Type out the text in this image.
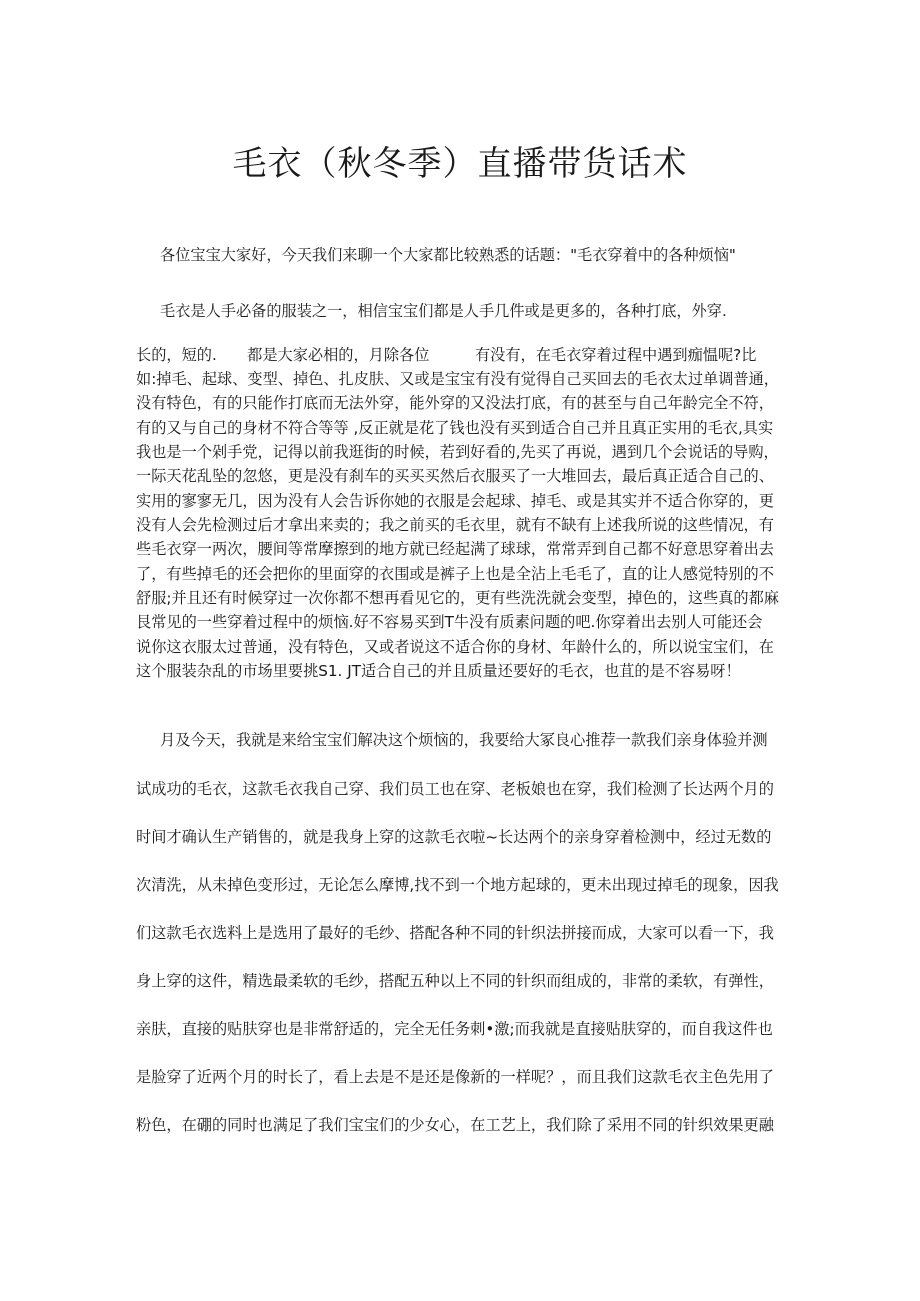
毛衣（秋冬季）直播带货话术
各位宝宝大家好，今天我们来聊一个大家都比较熟悉的话题："毛衣穿着中的各种烦恼"
毛衣是人手必备的服装之一，相信宝宝们都是人手几件或是更多的，各种打底，外穿.
长的，短的.　　都是大家必相的，月除各位　　　有没有，在毛衣穿着过程中遇到痂愠呢?比
如:掉毛、起球、变型、掉色、扎皮肤、又或是宝宝有没有觉得自己买回去的毛衣太过单调普通，
没有特色，有的只能作打底而无法外穿，能外穿的又没法打底，有的甚至与自己年龄完全不符，
有的又与自己的身材不符合等等 ,反正就是花了钱也没有买到适合自己并且真正实用的毛衣,具实
我也是一个剁手党，记得以前我逛街的时候，若到好看的,先买了再说，遇到几个会说话的导购，
一际天花乱坠的忽悠，更是没有刹车的买买买然后衣服买了一大堆回去，最后真正适合自己的、
实用的寥寥无几，因为没有人会告诉你她的衣服是会起球、掉毛、或是其实并不适合你穿的，更
没有人会先检测过后才拿出来卖的；我之前买的毛衣里，就有不缺有上述我所说的这些情况，有
些毛衣穿一两次，腰间等常摩擦到的地方就已经起满了球球，常常弄到自己都不好意思穿着出去
了，有些掉毛的还会把你的里面穿的衣围或是裤子上也是全沾上毛毛了，直的让人感觉特别的不
舒服;并且还有时候穿过一次你都不想再看见它的，更有些洗洗就会变型，掉色的，这些真的都麻
艮常见的一些穿着过程中的烦恼.好不容易买到T牛没有质素问题的吧.你穿着出去别人可能还会
说你这衣服太过普通，没有特色，又或者说这不适合你的身材、年龄什么的，所以说宝宝们，在
这个服装杂乱的市场里要挑S1. JT适合自己的并且质量还要好的毛衣，也苴的是不容易呀！
月及今天，我就是来给宝宝们解决这个烦恼的，我要给大冢良心推荐一款我们亲身体验并测
试成功的毛衣，这款毛衣我自己穿、我们员工也在穿、老板娘也在穿，我们检测了长达两个月的
时间才确认生产销售的，就是我身上穿的这款毛衣啦~长达两个的亲身穿着检测中，经过无数的
次清洗，从未掉色变形过，无论怎么摩博,找不到一个地方起球的，更未出现过掉毛的现象，因我
们这款毛衣选料上是选用了最好的毛纱、搭配各种不同的针织法拼接而成，大家可以看一下，我
身上穿的这件，精选最柔软的毛纱，搭配五种以上不同的针织而组成的，非常的柔软，有弹性，
亲肤，直接的贴肤穿也是非常舒适的，完全无任务刺•激;而我就是直接贴肤穿的，而自我这件也
是脸穿了近两个月的时长了，看上去是不是还是像新的一样呢？，而且我们这款毛衣主色先用了
粉色，在硼的同时也满足了我们宝宝们的少女心，在工艺上，我们除了采用不同的针织效果更融
